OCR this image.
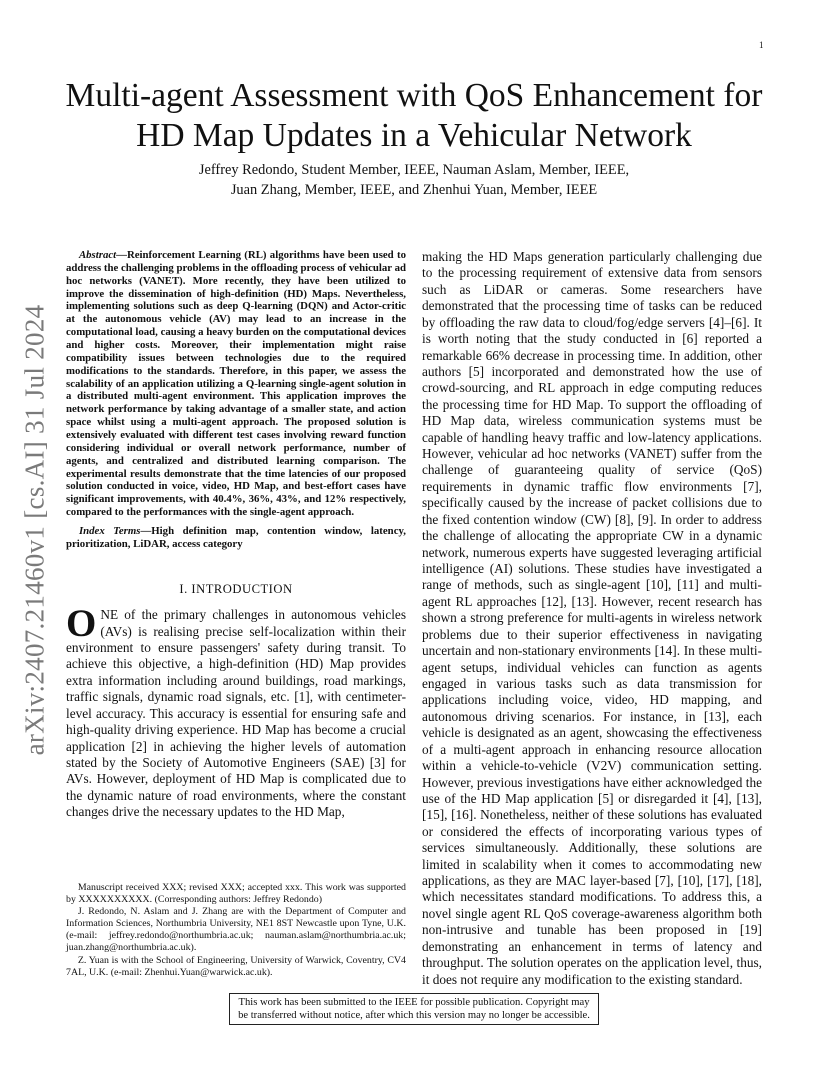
1
arXiv:2407.21460v1 [cs.AI] 31 Jul 2024
Multi-agent Assessment with QoS Enhancement for HD Map Updates in a Vehicular Network
Jeffrey Redondo, Student Member, IEEE, Nauman Aslam, Member, IEEE,
Juan Zhang, Member, IEEE, and Zhenhui Yuan, Member, IEEE

Abstract—Reinforcement Learning (RL) algorithms have been used to address the challenging problems in the offloading process of vehicular ad hoc networks (VANET). More recently, they have been utilized to improve the dissemination of high-definition (HD) Maps. Nevertheless, implementing solutions such as deep Q-learning (DQN) and Actor-critic at the autonomous vehicle (AV) may lead to an increase in the computational load, causing a heavy burden on the computational devices and higher costs. Moreover, their implementation might raise compatibility issues between technologies due to the required modifications to the standards. Therefore, in this paper, we assess the scalability of an application utilizing a Q-learning single-agent solution in a distributed multi-agent environment. This application improves the network performance by taking advantage of a smaller state, and action space whilst using a multi-agent approach. The proposed solution is extensively evaluated with different test cases involving reward function considering individual or overall network performance, number of agents, and centralized and distributed learning comparison. The experimental results demonstrate that the time latencies of our proposed solution conducted in voice, video, HD Map, and best-effort cases have significant improvements, with 40.4%, 36%, 43%, and 12% respectively, compared to the performances with the single-agent approach.

Index Terms—High definition map, contention window, latency, prioritization, LiDAR, access category

I. INTRODUCTION

ONE of the primary challenges in autonomous vehicles (AVs) is realising precise self-localization within their environment to ensure passengers' safety during transit. To achieve this objective, a high-definition (HD) Map provides extra information including around buildings, road markings, traffic signals, dynamic road signals, etc. [1], with centimeter-level accuracy. This accuracy is essential for ensuring safe and high-quality driving experience. HD Map has become a crucial application [2] in achieving the higher levels of automation stated by the Society of Automotive Engineers (SAE) [3] for AVs. However, deployment of HD Map is complicated due to the dynamic nature of road environments, where the constant changes drive the necessary updates to the HD Map,

Manuscript received XXX; revised XXX; accepted xxx. This work was supported by XXXXXXXXXX. (Corresponding authors: Jeffrey Redondo)

J. Redondo, N. Aslam and J. Zhang are with the Department of Computer and Information Sciences, Northumbria University, NE1 8ST Newcastle upon Tyne, U.K. (e-mail: jeffrey.redondo@northumbria.ac.uk; nauman.aslam@northumbria.ac.uk; juan.zhang@northumbria.ac.uk).

Z. Yuan is with the School of Engineering, University of Warwick, Coventry, CV4 7AL, U.K. (e-mail: Zhenhui.Yuan@warwick.ac.uk).

making the HD Maps generation particularly challenging due to the processing requirement of extensive data from sensors such as LiDAR or cameras. Some researchers have demonstrated that the processing time of tasks can be reduced by offloading the raw data to cloud/fog/edge servers [4]–[6]. It is worth noting that the study conducted in [6] reported a remarkable 66% decrease in processing time. In addition, other authors [5] incorporated and demonstrated how the use of crowd-sourcing, and RL approach in edge computing reduces the processing time for HD Map. To support the offloading of HD Map data, wireless communication systems must be capable of handling heavy traffic and low-latency applications. However, vehicular ad hoc networks (VANET) suffer from the challenge of guaranteeing quality of service (QoS) requirements in dynamic traffic flow environments [7], specifically caused by the increase of packet collisions due to the fixed contention window (CW) [8], [9]. In order to address the challenge of allocating the appropriate CW in a dynamic network, numerous experts have suggested leveraging artificial intelligence (AI) solutions. These studies have investigated a range of methods, such as single-agent [10], [11] and multi-agent RL approaches [12], [13]. However, recent research has shown a strong preference for multi-agents in wireless network problems due to their superior effectiveness in navigating uncertain and non-stationary environments [14]. In these multi-agent setups, individual vehicles can function as agents engaged in various tasks such as data transmission for applications including voice, video, HD mapping, and autonomous driving scenarios. For instance, in [13], each vehicle is designated as an agent, showcasing the effectiveness of a multi-agent approach in enhancing resource allocation within a vehicle-to-vehicle (V2V) communication setting. However, previous investigations have either acknowledged the use of the HD Map application [5] or disregarded it [4], [13], [15], [16]. Nonetheless, neither of these solutions has evaluated or considered the effects of incorporating various types of services simultaneously. Additionally, these solutions are limited in scalability when it comes to accommodating new applications, as they are MAC layer-based [7], [10], [17], [18], which necessitates standard modifications. To address this, a novel single agent RL QoS coverage-awareness algorithm both non-intrusive and tunable has been proposed in [19] demonstrating an enhancement in terms of latency and throughput. The solution operates on the application level, thus, it does not require any modification to the existing standard.

This work has been submitted to the IEEE for possible publication. Copyright may be transferred without notice, after which this version may no longer be accessible.
